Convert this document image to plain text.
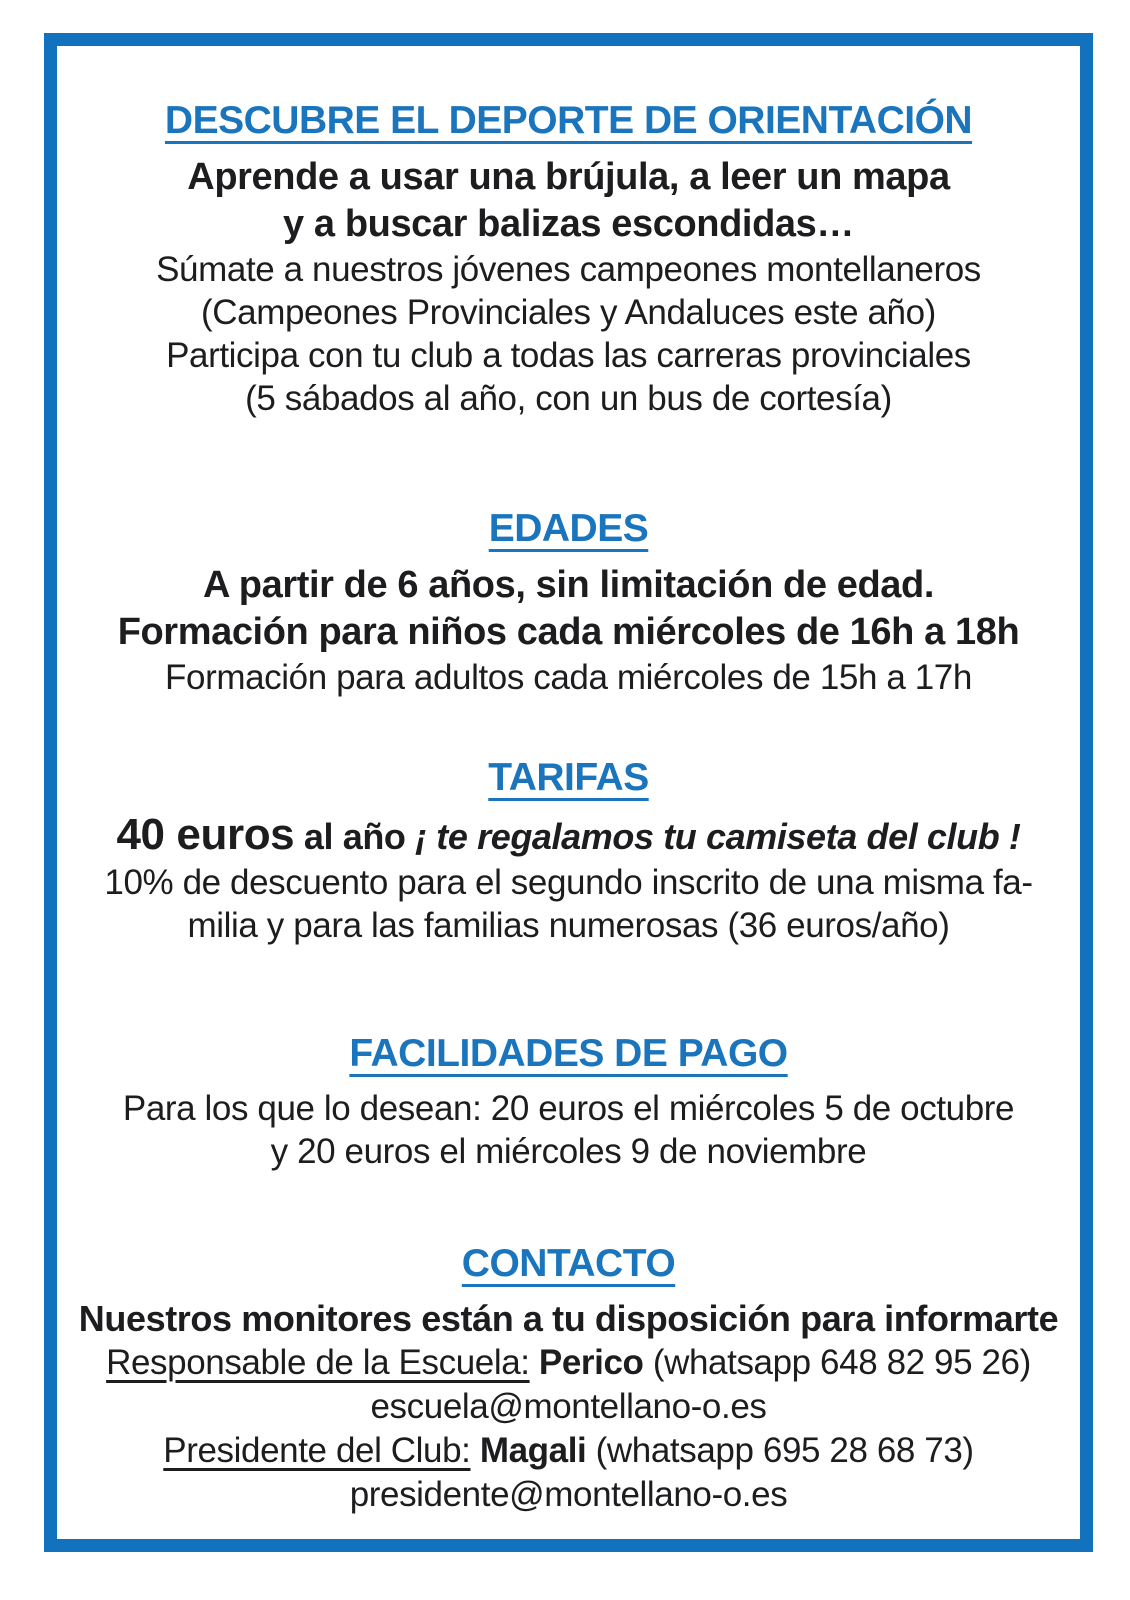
DESCUBRE EL DEPORTE DE ORIENTACIÓN
Aprende a usar una brújula, a leer un mapa
y a buscar balizas escondidas…
Súmate a nuestros jóvenes campeones montellaneros
(Campeones Provinciales y Andaluces este año)
Participa con tu club a todas las carreras provinciales
(5 sábados al año, con un bus de cortesía)
EDADES
A partir de 6 años, sin limitación de edad.
Formación para niños cada miércoles de 16h a 18h
Formación para adultos cada miércoles de 15h a 17h
TARIFAS
40 euros al año ¡ te regalamos tu camiseta del club !
10% de descuento para el segundo inscrito de una misma fa-
milia y para las familias numerosas (36 euros/año)
FACILIDADES DE PAGO
Para los que lo desean: 20 euros el miércoles 5 de octubre
y 20 euros el miércoles 9 de noviembre
CONTACTO
Nuestros monitores están a tu disposición para informarte
Responsable de la Escuela: Perico (whatsapp 648 82 95 26)
escuela@montellano-o.es
Presidente del Club: Magali (whatsapp 695 28 68 73)
presidente@montellano-o.es
